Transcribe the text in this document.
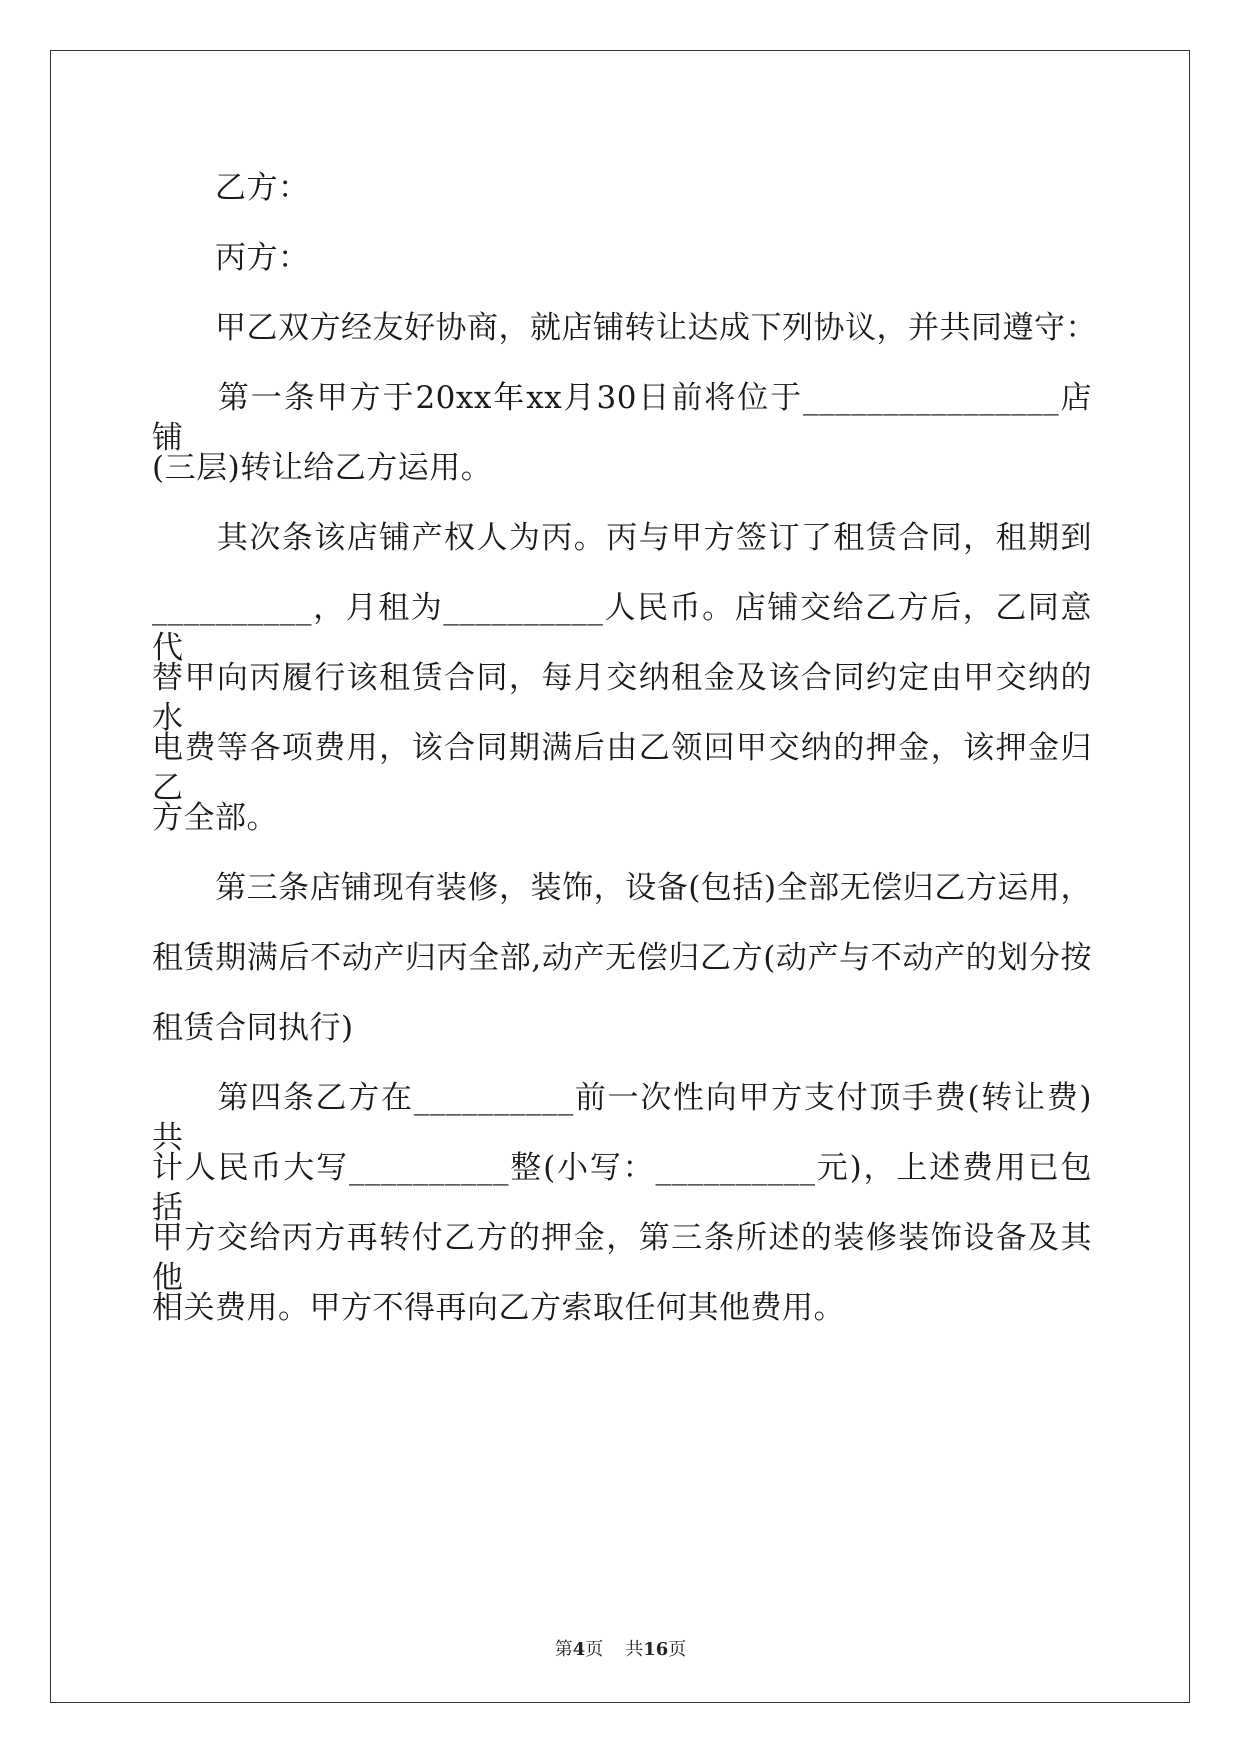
　　乙方：
　　丙方：
　　甲乙双方经友好协商，就店铺转让达成下列协议，并共同遵守：
　　第一条甲方于20xx年xx月30日前将位于________________店铺
(三层)转让给乙方运用。
　　其次条该店铺产权人为丙。丙与甲方签订了租赁合同，租期到
__________，月租为__________人民币。店铺交给乙方后，乙同意代
替甲向丙履行该租赁合同，每月交纳租金及该合同约定由甲交纳的水
电费等各项费用，该合同期满后由乙领回甲交纳的押金，该押金归乙
方全部。
　　第三条店铺现有装修，装饰，设备(包括)全部无偿归乙方运用，
租赁期满后不动产归丙全部,动产无偿归乙方(动产与不动产的划分按
租赁合同执行)
　　第四条乙方在__________前一次性向甲方支付顶手费(转让费)共
计人民币大写__________整(小写：__________元)，上述费用已包括
甲方交给丙方再转付乙方的押金，第三条所述的装修装饰设备及其他
相关费用。甲方不得再向乙方索取任何其他费用。
第4页 共16页
